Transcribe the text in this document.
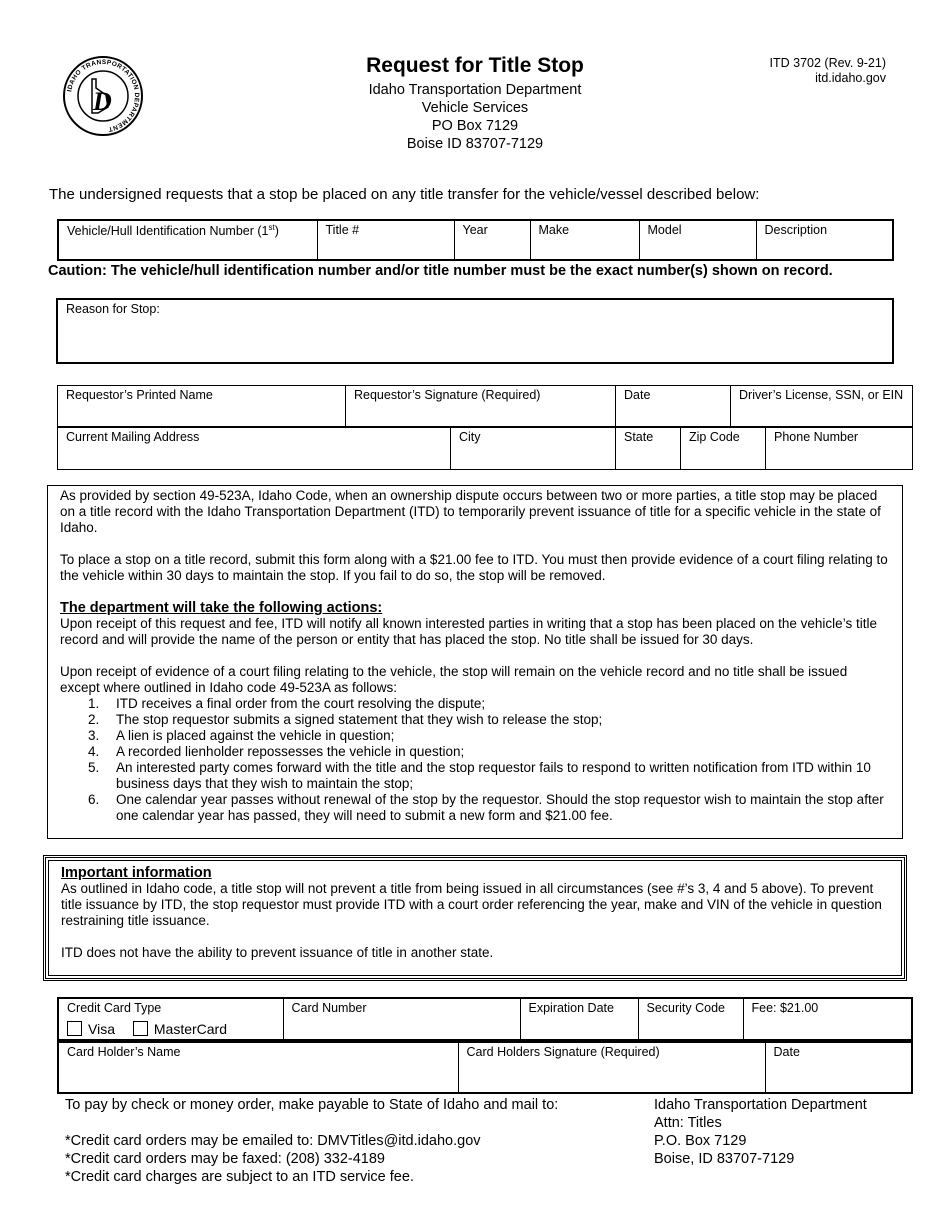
IDAHO TRANSPORTATION DEPARTMENT
D
Request for Title Stop
Idaho Transportation Department
Vehicle Services
PO Box 7129
Boise ID 83707-7129
ITD 3702 (Rev. 9-21)
itd.idaho.gov
The undersigned requests that a stop be placed on any title transfer for the vehicle/vessel described below:
Vehicle/Hull Identification Number (1st)	Title #	Year	Make	Model	Description
Caution: The vehicle/hull identification number and/or title number must be the exact number(s) shown on record.
Reason for Stop:
Requestor’s Printed Name	Requestor’s Signature (Required)	Date	Driver’s License, SSN, or EIN
Current Mailing Address	City	State	Zip Code	Phone Number

As provided by section 49-523A, Idaho Code, when an ownership dispute occurs between two or more parties, a title stop may be placed on a title record with the Idaho Transportation Department (ITD) to temporarily prevent issuance of title for a specific vehicle in the state of Idaho.

To place a stop on a title record, submit this form along with a $21.00 fee to ITD. You must then provide evidence of a court filing relating to the vehicle within 30 days to maintain the stop. If you fail to do so, the stop will be removed.

The department will take the following actions:

Upon receipt of this request and fee, ITD will notify all known interested parties in writing that a stop has been placed on the vehicle’s title record and will provide the name of the person or entity that has placed the stop. No title shall be issued for 30 days.

Upon receipt of evidence of a court filing relating to the vehicle, the stop will remain on the vehicle record and no title shall be issued except where outlined in Idaho code 49-523A as follows:

1. ITD receives a final order from the court resolving the dispute;
2. The stop requestor submits a signed statement that they wish to release the stop;
3. A lien is placed against the vehicle in question;
4. A recorded lienholder repossesses the vehicle in question;
5. An interested party comes forward with the title and the stop requestor fails to respond to written notification from ITD within 10 business days that they wish to maintain the stop;
6. One calendar year passes without renewal of the stop by the requestor. Should the stop requestor wish to maintain the stop after one calendar year has passed, they will need to submit a new form and $21.00 fee.
Important information

As outlined in Idaho code, a title stop will not prevent a title from being issued in all circumstances (see #’s 3, 4 and 5 above). To prevent title issuance by ITD, the stop requestor must provide ITD with a court order referencing the year, make and VIN of the vehicle in question restraining title issuance.

ITD does not have the ability to prevent issuance of title in another state.

Credit Card Type
Visa	MasterCard
	Card Number	Expiration Date	Security Code	Fee: $21.00
Card Holder’s Name	Card Holders Signature (Required)	Date
To pay by check or money order, make payable to State of Idaho and mail to:
*Credit card orders may be emailed to: DMVTitles@itd.idaho.gov
*Credit card orders may be faxed: (208) 332-4189
*Credit card charges are subject to an ITD service fee.
Idaho Transportation Department
Attn: Titles
P.O. Box 7129
Boise, ID 83707-7129
